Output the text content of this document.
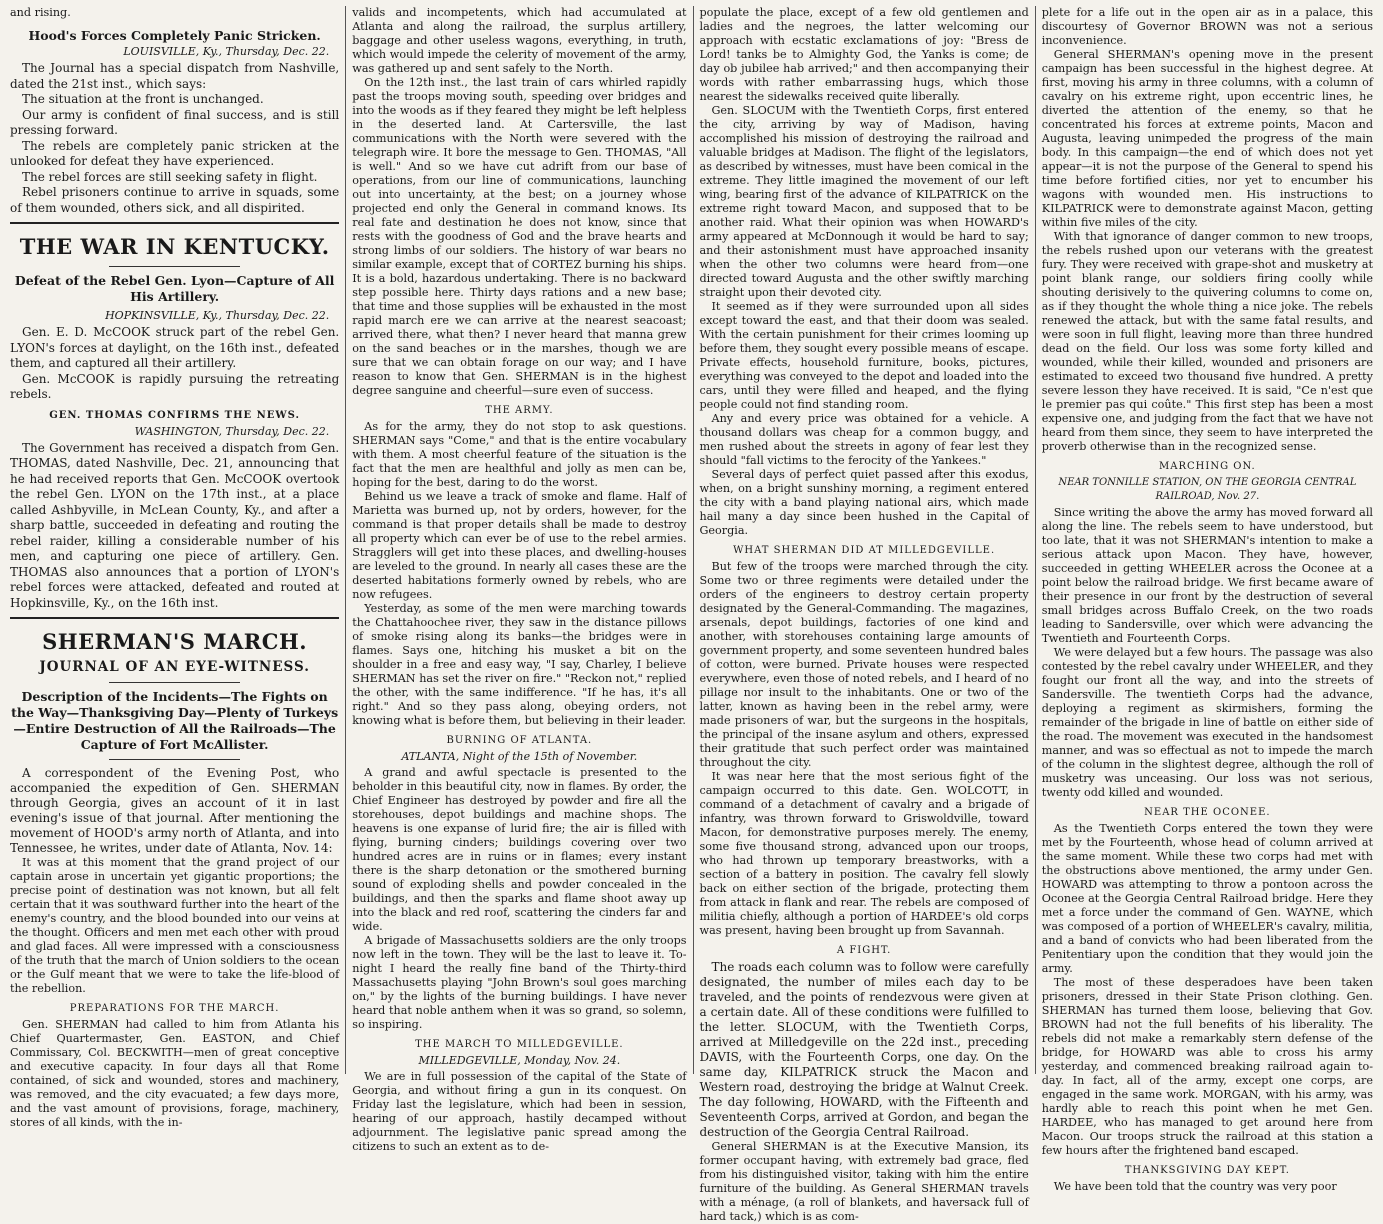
and rising.

Hood's Forces Completely Panic Stricken.
LOUISVILLE, Ky., Thursday, Dec. 22.

The Journal has a special dispatch from Nashville, dated the 21st inst., which says:

The situation at the front is unchanged.

Our army is confident of final success, and is still pressing forward.

The rebels are completely panic stricken at the unlooked for defeat they have experienced.

The rebel forces are still seeking safety in flight.

Rebel prisoners continue to arrive in squads, some of them wounded, others sick, and all dispirited.

THE WAR IN KENTUCKY.
Defeat of the Rebel Gen. Lyon—Capture of All His Artillery.
HOPKINSVILLE, Ky., Thursday, Dec. 22.

Gen. E. D. McCOOK struck part of the rebel Gen. LYON's forces at daylight, on the 16th inst., defeated them, and captured all their artillery.

Gen. McCOOK is rapidly pursuing the retreating rebels.

GEN. THOMAS CONFIRMS THE NEWS.
WASHINGTON, Thursday, Dec. 22.

The Government has received a dispatch from Gen. THOMAS, dated Nashville, Dec. 21, announcing that he had received reports that Gen. McCOOK overtook the rebel Gen. LYON on the 17th inst., at a place called Ashbyville, in McLean County, Ky., and after a sharp battle, succeeded in defeating and routing the rebel raider, killing a considerable number of his men, and capturing one piece of artillery. Gen. THOMAS also announces that a portion of LYON's rebel forces were attacked, defeated and routed at Hopkinsville, Ky., on the 16th inst.

SHERMAN'S MARCH.
JOURNAL OF AN EYE-WITNESS.
Description of the Incidents—The Fights on the Way—Thanksgiving Day—Plenty of Turkeys—Entire Destruction of All the Railroads—The Capture of Fort McAllister.

A correspondent of the Evening Post, who accompanied the expedition of Gen. SHERMAN through Georgia, gives an account of it in last evening's issue of that journal. After mentioning the movement of HOOD's army north of Atlanta, and into Tennessee, he writes, under date of Atlanta, Nov. 14:

It was at this moment that the grand project of our captain arose in uncertain yet gigantic proportions; the precise point of destination was not known, but all felt certain that it was southward further into the heart of the enemy's country, and the blood bounded into our veins at the thought. Officers and men met each other with proud and glad faces. All were impressed with a consciousness of the truth that the march of Union soldiers to the ocean or the Gulf meant that we were to take the life-blood of the rebellion.

PREPARATIONS FOR THE MARCH.

Gen. SHERMAN had called to him from Atlanta his Chief Quartermaster, Gen. EASTON, and Chief Commissary, Col. BECKWITH—men of great conceptive and executive capacity. In four days all that Rome contained, of sick and wounded, stores and machinery, was removed, and the city evacuated; a few days more, and the vast amount of provisions, forage, machinery, stores of all kinds, with the in-

valids and incompetents, which had accumulated at Atlanta and along the railroad, the surplus artillery, baggage and other useless wagons, everything, in truth, which would impede the celerity of movement of the army, was gathered up and sent safely to the North.

On the 12th inst., the last train of cars whirled rapidly past the troops moving south, speeding over bridges and into the woods as if they feared they might be left helpless in the deserted land. At Cartersville, the last communications with the North were severed with the telegraph wire. It bore the message to Gen. THOMAS, "All is well." And so we have cut adrift from our base of operations, from our line of communications, launching out into uncertainty, at the best; on a journey whose projected end only the General in command knows. Its real fate and destination he does not know, since that rests with the goodness of God and the brave hearts and strong limbs of our soldiers. The history of war bears no similar example, except that of CORTEZ burning his ships. It is a bold, hazardous undertaking. There is no backward step possible here. Thirty days rations and a new base; that time and those supplies will be exhausted in the most rapid march ere we can arrive at the nearest seacoast; arrived there, what then? I never heard that manna grew on the sand beaches or in the marshes, though we are sure that we can obtain forage on our way; and I have reason to know that Gen. SHERMAN is in the highest degree sanguine and cheerful—sure even of success.

THE ARMY.

As for the army, they do not stop to ask questions. SHERMAN says "Come," and that is the entire vocabulary with them. A most cheerful feature of the situation is the fact that the men are healthful and jolly as men can be, hoping for the best, daring to do the worst.

Behind us we leave a track of smoke and flame. Half of Marietta was burned up, not by orders, however, for the command is that proper details shall be made to destroy all property which can ever be of use to the rebel armies. Stragglers will get into these places, and dwelling-houses are leveled to the ground. In nearly all cases these are the deserted habitations formerly owned by rebels, who are now refugees.

Yesterday, as some of the men were marching towards the Chattahoochee river, they saw in the distance pillows of smoke rising along its banks—the bridges were in flames. Says one, hitching his musket a bit on the shoulder in a free and easy way, "I say, Charley, I believe SHERMAN has set the river on fire." "Reckon not," replied the other, with the same indifference. "If he has, it's all right." And so they pass along, obeying orders, not knowing what is before them, but believing in their leader.

BURNING OF ATLANTA.
ATLANTA, Night of the 15th of November.

A grand and awful spectacle is presented to the beholder in this beautiful city, now in flames. By order, the Chief Engineer has destroyed by powder and fire all the storehouses, depot buildings and machine shops. The heavens is one expanse of lurid fire; the air is filled with flying, burning cinders; buildings covering over two hundred acres are in ruins or in flames; every instant there is the sharp detonation or the smothered burning sound of exploding shells and powder concealed in the buildings, and then the sparks and flame shoot away up into the black and red roof, scattering the cinders far and wide.

A brigade of Massachusetts soldiers are the only troops now left in the town. They will be the last to leave it. To-night I heard the really fine band of the Thirty-third Massachusetts playing "John Brown's soul goes marching on," by the lights of the burning buildings. I have never heard that noble anthem when it was so grand, so solemn, so inspiring.

THE MARCH TO MILLEDGEVILLE.
MILLEDGEVILLE, Monday, Nov. 24.

We are in full possession of the capital of the State of Georgia, and without firing a gun in its conquest. On Friday last the legislature, which had been in session, hearing of our approach, hastily decamped without adjournment. The legislative panic spread among the citizens to such an extent as to de-

populate the place, except of a few old gentlemen and ladies and the negroes, the latter welcoming our approach with ecstatic exclamations of joy: "Bress de Lord! tanks be to Almighty God, the Yanks is come; de day ob jubilee hab arrived;" and then accompanying their words with rather embarrassing hugs, which those nearest the sidewalks received quite liberally.

Gen. SLOCUM with the Twentieth Corps, first entered the city, arriving by way of Madison, having accomplished his mission of destroying the railroad and valuable bridges at Madison. The flight of the legislators, as described by witnesses, must have been comical in the extreme. They little imagined the movement of our left wing, bearing first of the advance of KILPATRICK on the extreme right toward Macon, and supposed that to be another raid. What their opinion was when HOWARD's army appeared at McDonnough it would be hard to say; and their astonishment must have approached insanity when the other two columns were heard from—one directed toward Augusta and the other swiftly marching straight upon their devoted city.

It seemed as if they were surrounded upon all sides except toward the east, and that their doom was sealed. With the certain punishment for their crimes looming up before them, they sought every possible means of escape. Private effects, household furniture, books, pictures, everything was conveyed to the depot and loaded into the cars, until they were filled and heaped, and the flying people could not find standing room.

Any and every price was obtained for a vehicle. A thousand dollars was cheap for a common buggy, and men rushed about the streets in agony of fear lest they should "fall victims to the ferocity of the Yankees."

Several days of perfect quiet passed after this exodus, when, on a bright sunshiny morning, a regiment entered the city with a band playing national airs, which made hail many a day since been hushed in the Capital of Georgia.

WHAT SHERMAN DID AT MILLEDGEVILLE.

But few of the troops were marched through the city. Some two or three regiments were detailed under the orders of the engineers to destroy certain property designated by the General-Commanding. The magazines, arsenals, depot buildings, factories of one kind and another, with storehouses containing large amounts of government property, and some seventeen hundred bales of cotton, were burned. Private houses were respected everywhere, even those of noted rebels, and I heard of no pillage nor insult to the inhabitants. One or two of the latter, known as having been in the rebel army, were made prisoners of war, but the surgeons in the hospitals, the principal of the insane asylum and others, expressed their gratitude that such perfect order was maintained throughout the city.

It was near here that the most serious fight of the campaign occurred to this date. Gen. WOLCOTT, in command of a detachment of cavalry and a brigade of infantry, was thrown forward to Griswoldville, toward Macon, for demonstrative purposes merely. The enemy, some five thousand strong, advanced upon our troops, who had thrown up temporary breastworks, with a section of a battery in position. The cavalry fell slowly back on either section of the brigade, protecting them from attack in flank and rear. The rebels are composed of militia chiefly, although a portion of HARDEE's old corps was present, having been brought up from Savannah.

A FIGHT.

The roads each column was to follow were carefully designated, the number of miles each day to be traveled, and the points of rendezvous were given at a certain date. All of these conditions were fulfilled to the letter. SLOCUM, with the Twentieth Corps, arrived at Milledgeville on the 22d inst., preceding DAVIS, with the Fourteenth Corps, one day. On the same day, KILPATRICK struck the Macon and Western road, destroying the bridge at Walnut Creek. The day following, HOWARD, with the Fifteenth and Seventeenth Corps, arrived at Gordon, and began the destruction of the Georgia Central Railroad.

General SHERMAN is at the Executive Mansion, its former occupant having, with extremely bad grace, fled from his distinguished visitor, taking with him the entire furniture of the building. As General SHERMAN travels with a ménage, (a roll of blankets, and haversack full of hard tack,) which is as com-

plete for a life out in the open air as in a palace, this discourtesy of Governor BROWN was not a serious inconvenience.

General SHERMAN's opening move in the present campaign has been successful in the highest degree. At first, moving his army in three columns, with a column of cavalry on his extreme right, upon eccentric lines, he diverted the attention of the enemy, so that he concentrated his forces at extreme points, Macon and Augusta, leaving unimpeded the progress of the main body. In this campaign—the end of which does not yet appear—it is not the purpose of the General to spend his time before fortified cities, nor yet to encumber his wagons with wounded men. His instructions to KILPATRICK were to demonstrate against Macon, getting within five miles of the city.

With that ignorance of danger common to new troops, the rebels rushed upon our veterans with the greatest fury. They were received with grape-shot and musketry at point blank range, our soldiers firing coolly while shouting derisively to the quivering columns to come on, as if they thought the whole thing a nice joke. The rebels renewed the attack, but with the same fatal results, and were soon in full flight, leaving more than three hundred dead on the field. Our loss was some forty killed and wounded, while their killed, wounded and prisoners are estimated to exceed two thousand five hundred. A pretty severe lesson they have received. It is said, "Ce n'est que le premier pas qui coûte." This first step has been a most expensive one, and judging from the fact that we have not heard from them since, they seem to have interpreted the proverb otherwise than in the recognized sense.

MARCHING ON.
NEAR TONNILLE STATION, ON THE GEORGIA CENTRAL RAILROAD, Nov. 27.

Since writing the above the army has moved forward all along the line. The rebels seem to have understood, but too late, that it was not SHERMAN's intention to make a serious attack upon Macon. They have, however, succeeded in getting WHEELER across the Oconee at a point below the railroad bridge. We first became aware of their presence in our front by the destruction of several small bridges across Buffalo Creek, on the two roads leading to Sandersville, over which were advancing the Twentieth and Fourteenth Corps.

We were delayed but a few hours. The passage was also contested by the rebel cavalry under WHEELER, and they fought our front all the way, and into the streets of Sandersville. The twentieth Corps had the advance, deploying a regiment as skirmishers, forming the remainder of the brigade in line of battle on either side of the road. The movement was executed in the handsomest manner, and was so effectual as not to impede the march of the column in the slightest degree, although the roll of musketry was unceasing. Our loss was not serious, twenty odd killed and wounded.

NEAR THE OCONEE.

As the Twentieth Corps entered the town they were met by the Fourteenth, whose head of column arrived at the same moment. While these two corps had met with the obstructions above mentioned, the army under Gen. HOWARD was attempting to throw a pontoon across the Oconee at the Georgia Central Railroad bridge. Here they met a force under the command of Gen. WAYNE, which was composed of a portion of WHEELER's cavalry, militia, and a band of convicts who had been liberated from the Penitentiary upon the condition that they would join the army.

The most of these desperadoes have been taken prisoners, dressed in their State Prison clothing. Gen. SHERMAN has turned them loose, believing that Gov. BROWN had not the full benefits of his liberality. The rebels did not make a remarkably stern defense of the bridge, for HOWARD was able to cross his army yesterday, and commenced breaking railroad again to-day. In fact, all of the army, except one corps, are engaged in the same work. MORGAN, with his army, was hardly able to reach this point when he met Gen. HARDEE, who has managed to get around here from Macon. Our troops struck the railroad at this station a few hours after the frightened band escaped.

THANKSGIVING DAY KEPT.

We have been told that the country was very poor
